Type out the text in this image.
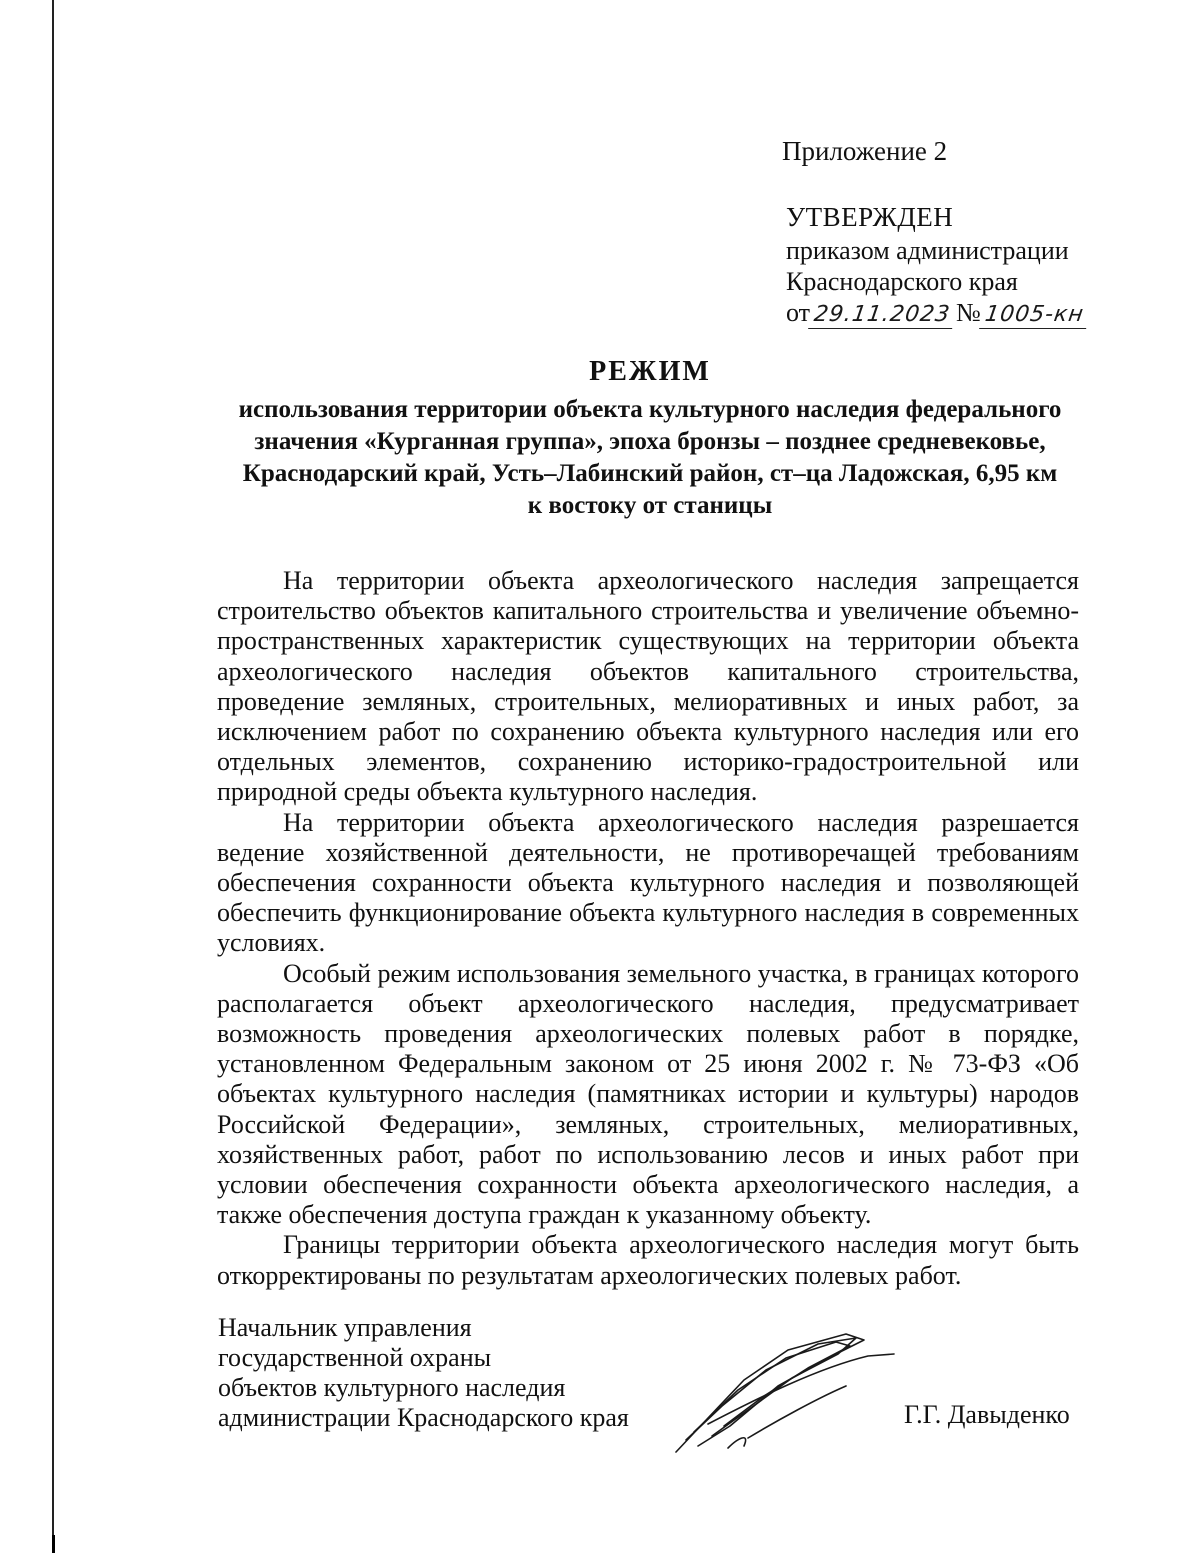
Приложение 2
УТВЕРЖДЕН
приказом администрации
Краснодарского края
от 29.11.2023 № 1005-кн
РЕЖИМ
использования территории объекта культурного наследия федерального
значения «Курганная группа», эпоха бронзы – позднее средневековье,
Краснодарский край, Усть–Лабинский район, ст–ца Ладожская, 6,95 км
к востоку от станицы

На территории объекта археологического наследия запрещается строительство объектов капитального строительства и увеличение объемно-пространственных характеристик существующих на территории объекта археологического наследия объектов капитального строительства, проведение земляных, строительных, мелиоративных и иных работ, за исключением работ по сохранению объекта культурного наследия или его отдельных элементов, сохранению историко-градостроительной или природной среды объекта культурного наследия.

На территории объекта археологического наследия разрешается ведение хозяйственной деятельности, не противоречащей требованиям обеспечения сохранности объекта культурного наследия и позволяющей обеспечить функционирование объекта культурного наследия в современных условиях.

Особый режим использования земельного участка, в границах которого располагается объект археологического наследия, предусматривает возможность проведения археологических полевых работ в порядке, установленном Федеральным законом от 25 июня 2002 г. № 73-ФЗ «Об объектах культурного наследия (памятниках истории и культуры) народов Российской Федерации», земляных, строительных, мелиоративных, хозяйственных работ, работ по использованию лесов и иных работ при условии обеспечения сохранности объекта археологического наследия, а также обеспечения доступа граждан к указанному объекту.

Границы территории объекта археологического наследия могут быть откорректированы по результатам археологических полевых работ.

Начальник управления
государственной охраны
объектов культурного наследия
администрации Краснодарского края	Г.Г. Давыденко
